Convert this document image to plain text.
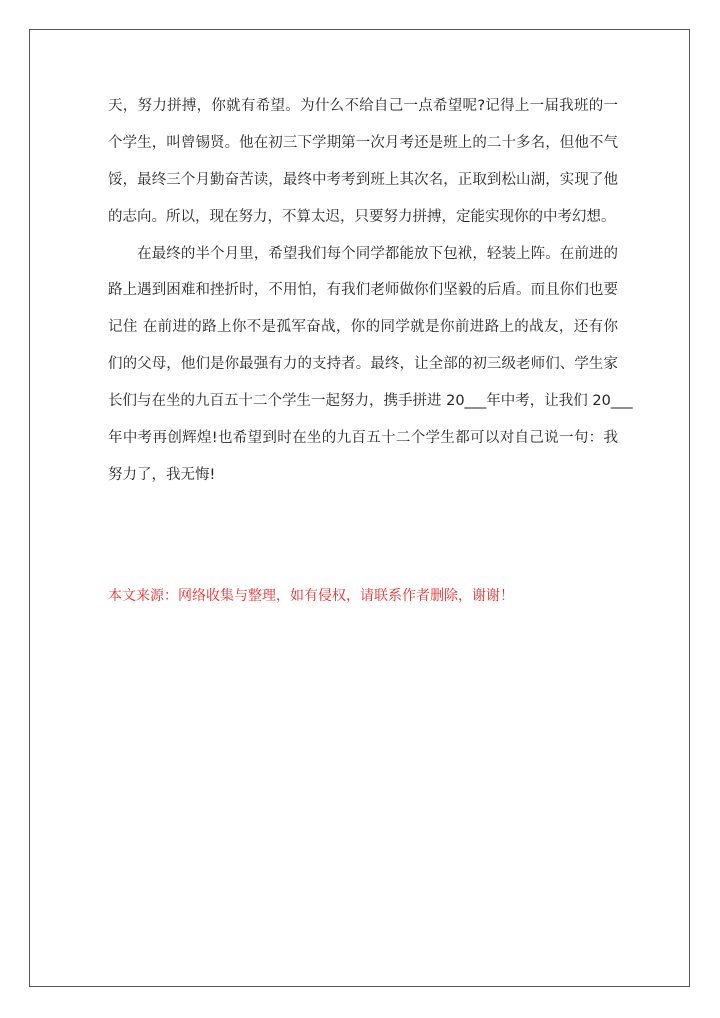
天，努力拼搏，你就有希望。为什么不给自己一点希望呢?记得上一届我班的一
个学生，叫曾锡贤。他在初三下学期第一次月考还是班上的二十多名，但他不气
馁，最终三个月勤奋苦读，最终中考考到班上其次名，正取到松山湖，实现了他
的志向。所以，现在努力，不算太迟，只要努力拼搏，定能实现你的中考幻想。
　　在最终的半个月里，希望我们每个同学都能放下包袱，轻装上阵。在前进的
路上遇到困难和挫折时，不用怕，有我们老师做你们坚毅的后盾。而且你们也要
记住 在前进的路上你不是孤军奋战，你的同学就是你前进路上的战友，还有你
们的父母，他们是你最强有力的支持者。最终，让全部的初三级老师们、学生家
长们与在坐的九百五十二个学生一起努力，携手拼进 20___年中考，让我们 20___
年中考再创辉煌!也希望到时在坐的九百五十二个学生都可以对自己说一句：我
努力了，我无悔!
本文来源：网络收集与整理，如有侵权，请联系作者删除，谢谢！
